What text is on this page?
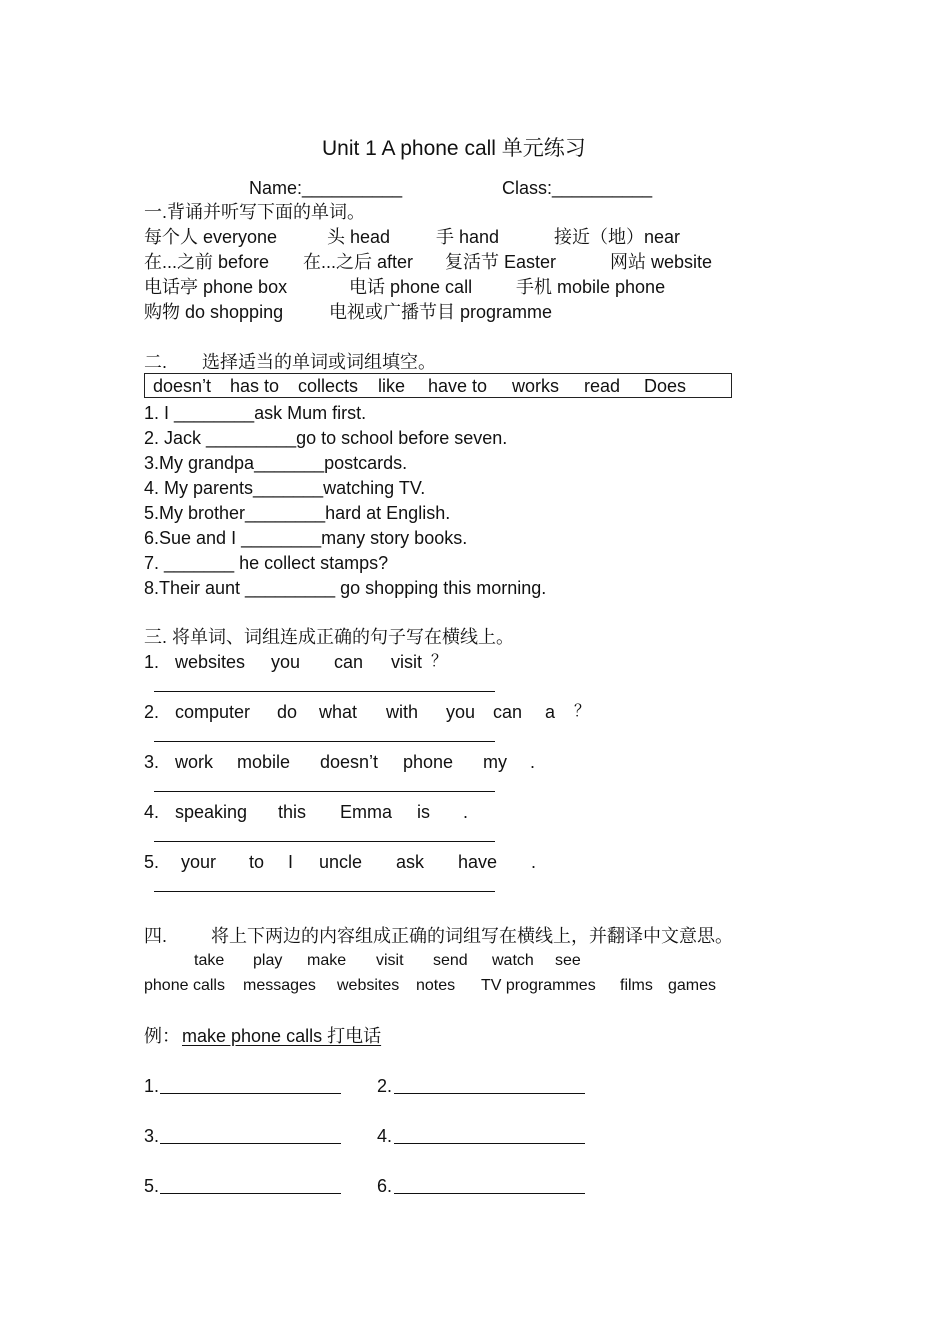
Unit 1 A phone call 单元练习
Name:__________	Class:__________
一.背诵并听写下面的单词。
每个人 everyone	头 head	手 hand	接近（地）near
在...之前 before 在...之后 after 复活节 Easter	网站 website
电话亭 phone box	电话 phone call 手机 mobile phone
购物 do shopping	电视或广播节目 programme
二. 选择适当的单词或词组填空。
doesn’t has to collects like have to works read Does
1. I ________ask Mum first.
2. Jack _________go to school before seven.
3.My grandpa_______postcards.
4. My parents_______watching TV.
5.My brother________hard at English.
6.Sue and I ________many story books.
7. _______ he collect stamps?
8.Their aunt _________ go shopping this morning.
三. 将单词、词组连成正确的句子写在横线上。
1. websites you can visit ？
2. computer do what with you can a ？
3. work mobile doesn’t phone my .
4. speaking this Emma is .
5. your to I uncle ask have .
四. 将上下两边的内容组成正确的词组写在横线上，并翻译中文意思。
take play make visit send watch see
phone calls messages websites notes TV programmes films games
例： make phone calls 打电话
1.	2.
3.	4.
5.	6.
